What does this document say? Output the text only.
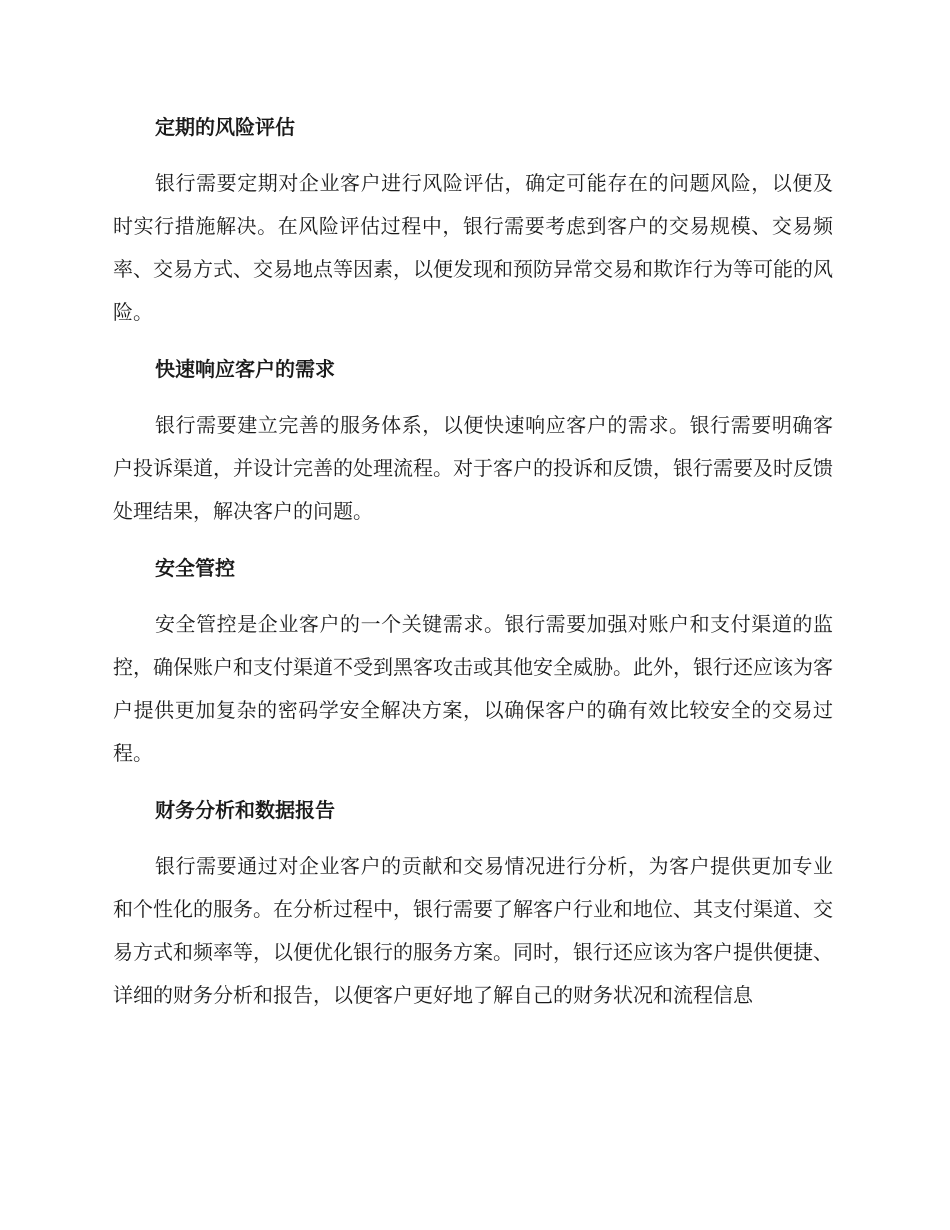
定期的风险评估

银行需要定期对企业客户进行风险评估，确定可能存在的问题风险，以便及时实行措施解决。在风险评估过程中，银行需要考虑到客户的交易规模、交易频率、交易方式、交易地点等因素，以便发现和预防异常交易和欺诈行为等可能的风险。

快速响应客户的需求

银行需要建立完善的服务体系，以便快速响应客户的需求。银行需要明确客户投诉渠道，并设计完善的处理流程。对于客户的投诉和反馈，银行需要及时反馈处理结果，解决客户的问题。

安全管控

安全管控是企业客户的一个关键需求。银行需要加强对账户和支付渠道的监控，确保账户和支付渠道不受到黑客攻击或其他安全威胁。此外，银行还应该为客户提供更加复杂的密码学安全解决方案，以确保客户的确有效比较安全的交易过程。

财务分析和数据报告

银行需要通过对企业客户的贡献和交易情况进行分析，为客户提供更加专业和个性化的服务。在分析过程中，银行需要了解客户行业和地位、其支付渠道、交易方式和频率等，以便优化银行的服务方案。同时，银行还应该为客户提供便捷、详细的财务分析和报告，以便客户更好地了解自己的财务状况和流程信息
